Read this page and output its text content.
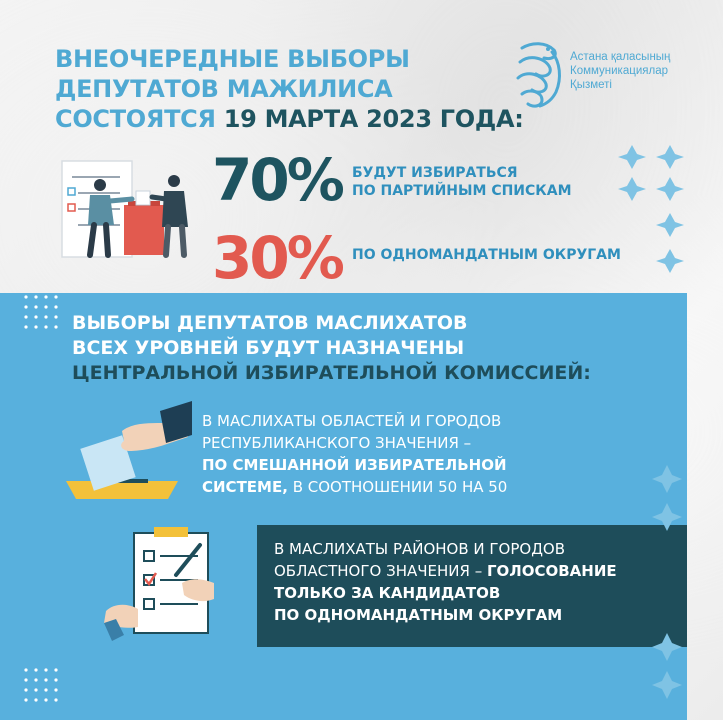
ВНЕОЧЕРЕДНЫЕ ВЫБОРЫ
ДЕПУТАТОВ МАЖИЛИСА
СОСТОЯТСЯ 19 МАРТА 2023 ГОДА:
Астана қаласының
Коммуникациялар
Қызметі
70% БУДУТ ИЗБИРАТЬСЯ
ПО ПАРТИЙНЫМ СПИСКАМ
30% ПО ОДНОМАНДАТНЫМ ОКРУГАМ
ВЫБОРЫ ДЕПУТАТОВ МАСЛИХАТОВ
ВСЕХ УРОВНЕЙ БУДУТ НАЗНАЧЕНЫ
ЦЕНТРАЛЬНОЙ ИЗБИРАТЕЛЬНОЙ КОМИССИЕЙ:
В МАСЛИХАТЫ ОБЛАСТЕЙ И ГОРОДОВ
РЕСПУБЛИКАНСКОГО ЗНАЧЕНИЯ –
ПО СМЕШАННОЙ ИЗБИРАТЕЛЬНОЙ
СИСТЕМЕ, В СООТНОШЕНИИ 50 НА 50
В МАСЛИХАТЫ РАЙОНОВ И ГОРОДОВ
ОБЛАСТНОГО ЗНАЧЕНИЯ – ГОЛОСОВАНИЕ
ТОЛЬКО ЗА КАНДИДАТОВ
ПО ОДНОМАНДАТНЫМ ОКРУГАМ
